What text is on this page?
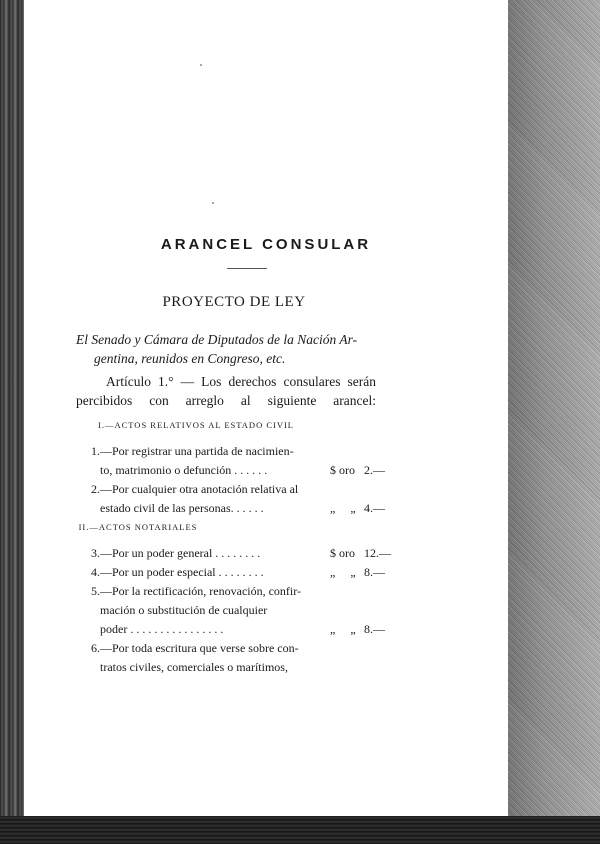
ARANCEL CONSULAR
PROYECTO DE LEY
El Senado y Cámara de Diputados de la Nación Ar-
gentina, reunidos en Congreso, etc.
Artículo 1.° — Los derechos consulares serán
percibidos con arreglo al siguiente arancel:
I.—ACTOS RELATIVOS AL ESTADO CIVIL
1. —Por registrar una partida de nacimien-
to, matrimonio o defunción . . . . . .	$ oro 2.—
2. —Por cualquier otra anotación relativa al
estado civil de las personas. . . . . .	„ „ 4.—
II.—ACTOS NOTARIALES
3. —Por un poder general . . . . . . . .	$ oro 12.—
4. —Por un poder especial . . . . . . . .	„ „ 8.—
5. —Por la rectificación, renovación, confir-
mación o substitución de cualquier
poder . . . . . . . . . . . . . . . .	„ „ 8.—
6. —Por toda escritura que verse sobre con-
tratos civiles, comerciales o marítimos,
